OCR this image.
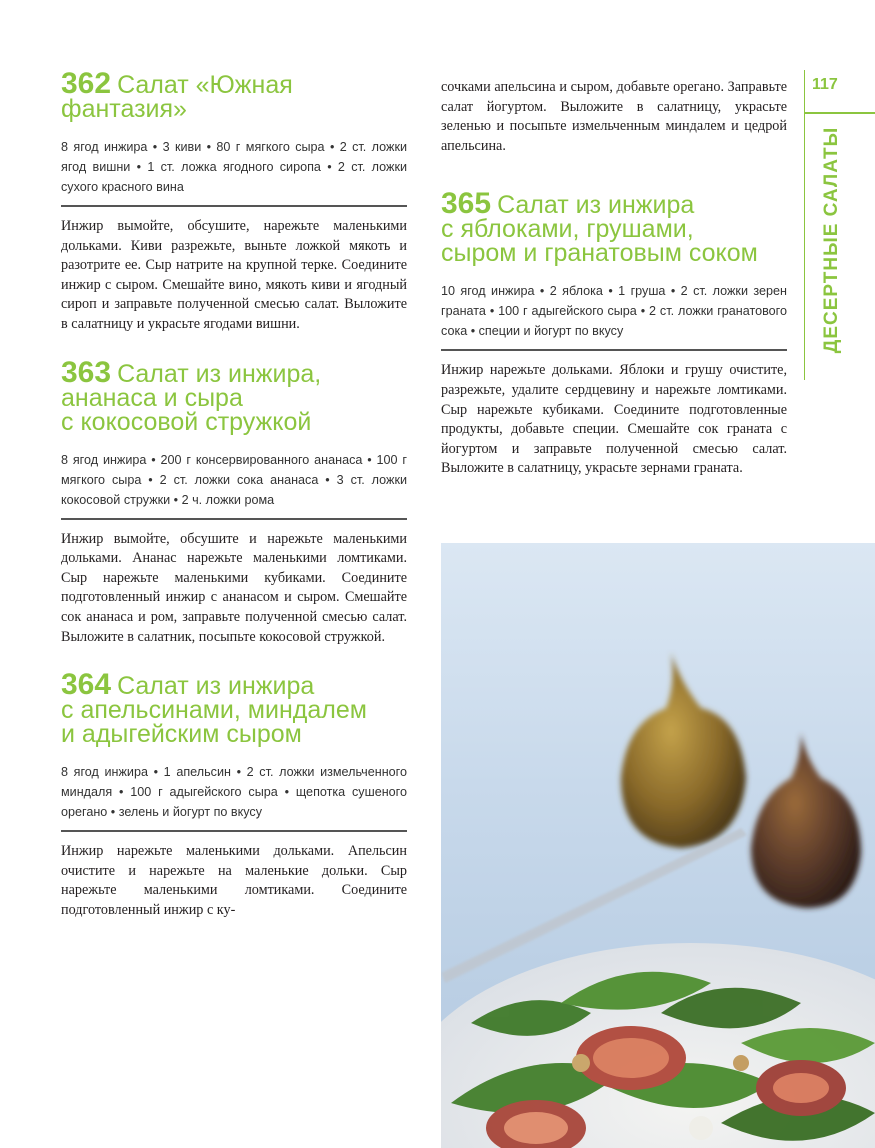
117
ДЕСЕРТНЫЕ САЛАТЫ
362 Салат «Южная
фантазия»
8 ягод инжира • 3 киви • 80 г мягкого сыра • 2 ст. ложки ягод вишни • 1 ст. ложка ягодного сиропа • 2 ст. ложки сухого красного вина
Инжир вымойте, обсушите, нарежьте маленькими дольками. Киви разрежьте, выньте ложкой мякоть и разотрите ее. Сыр натрите на крупной терке. Соедините инжир с сыром. Смешайте вино, мякоть киви и ягодный сироп и заправьте полученной смесью салат. Выложите в салатницу и украсьте ягодами вишни.
363 Салат из инжира,
ананаса и сыра
с кокосовой стружкой
8 ягод инжира • 200 г консервированного ананаса • 100 г мягкого сыра • 2 ст. ложки сока ананаса • 3 ст. ложки кокосовой стружки • 2 ч. ложки рома
Инжир вымойте, обсушите и нарежьте маленькими дольками. Ананас нарежьте маленькими ломтиками. Сыр нарежьте маленькими кубиками. Соедините подготовленный инжир с ананасом и сыром. Смешайте сок ананаса и ром, заправьте полученной смесью салат. Выложите в салатник, посыпьте кокосовой стружкой.
364 Салат из инжира
с апельсинами, миндалем
и адыгейским сыром
8 ягод инжира • 1 апельсин • 2 ст. ложки измельченного миндаля • 100 г адыгейского сыра • щепотка сушеного орегано • зелень и йогурт по вкусу
Инжир нарежьте маленькими дольками. Апельсин очистите и нарежьте на маленькие дольки. Сыр нарежьте маленькими ломтиками. Соедините подготовленный инжир с ку-
сочками апельсина и сыром, добавьте орегано. Заправьте салат йогуртом. Выложите в салатницу, украсьте зеленью и посыпьте измельченным миндалем и цедрой апельсина.
365 Салат из инжира
с яблоками, грушами,
сыром и гранатовым соком
10 ягод инжира • 2 яблока • 1 груша • 2 ст. ложки зерен граната • 100 г адыгейского сыра • 2 ст. ложки гранатового сока • специи и йогурт по вкусу
Инжир нарежьте дольками. Яблоки и грушу очистите, разрежьте, удалите сердцевину и нарежьте ломтиками. Сыр нарежьте кубиками. Соедините подготовленные продукты, добавьте специи. Смешайте сок граната с йогуртом и заправьте полученной смесью салат. Выложите в салатницу, украсьте зернами граната.
